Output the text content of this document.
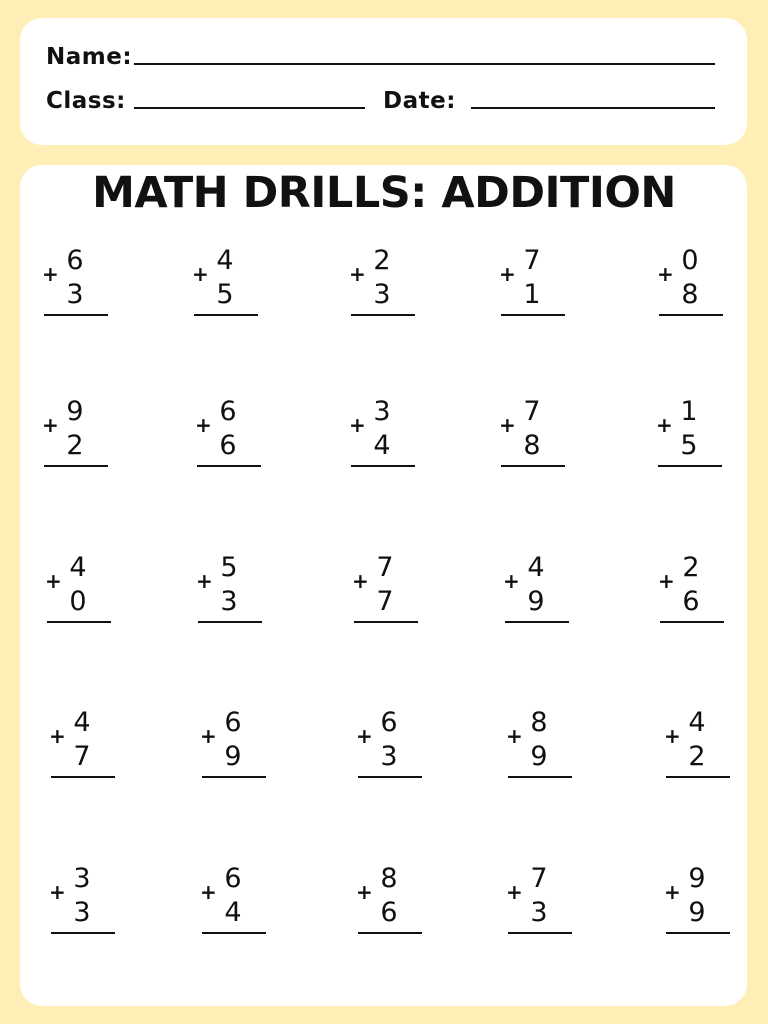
Name:
Class:	Date:
MATH DRILLS: ADDITION
+ 6
3
+ 4
5
+ 2
3
+ 7
1
+ 0
8
+ 9
2
+ 6
6
+ 3
4
+ 7
8
+ 1
5
+ 4
0
+ 5
3
+ 7
7
+ 4
9
+ 2
6
+ 4
7
+ 6
9
+ 6
3
+ 8
9
+ 4
2
+ 3
3
+ 6
4
+ 8
6
+ 7
3
+ 9
9
